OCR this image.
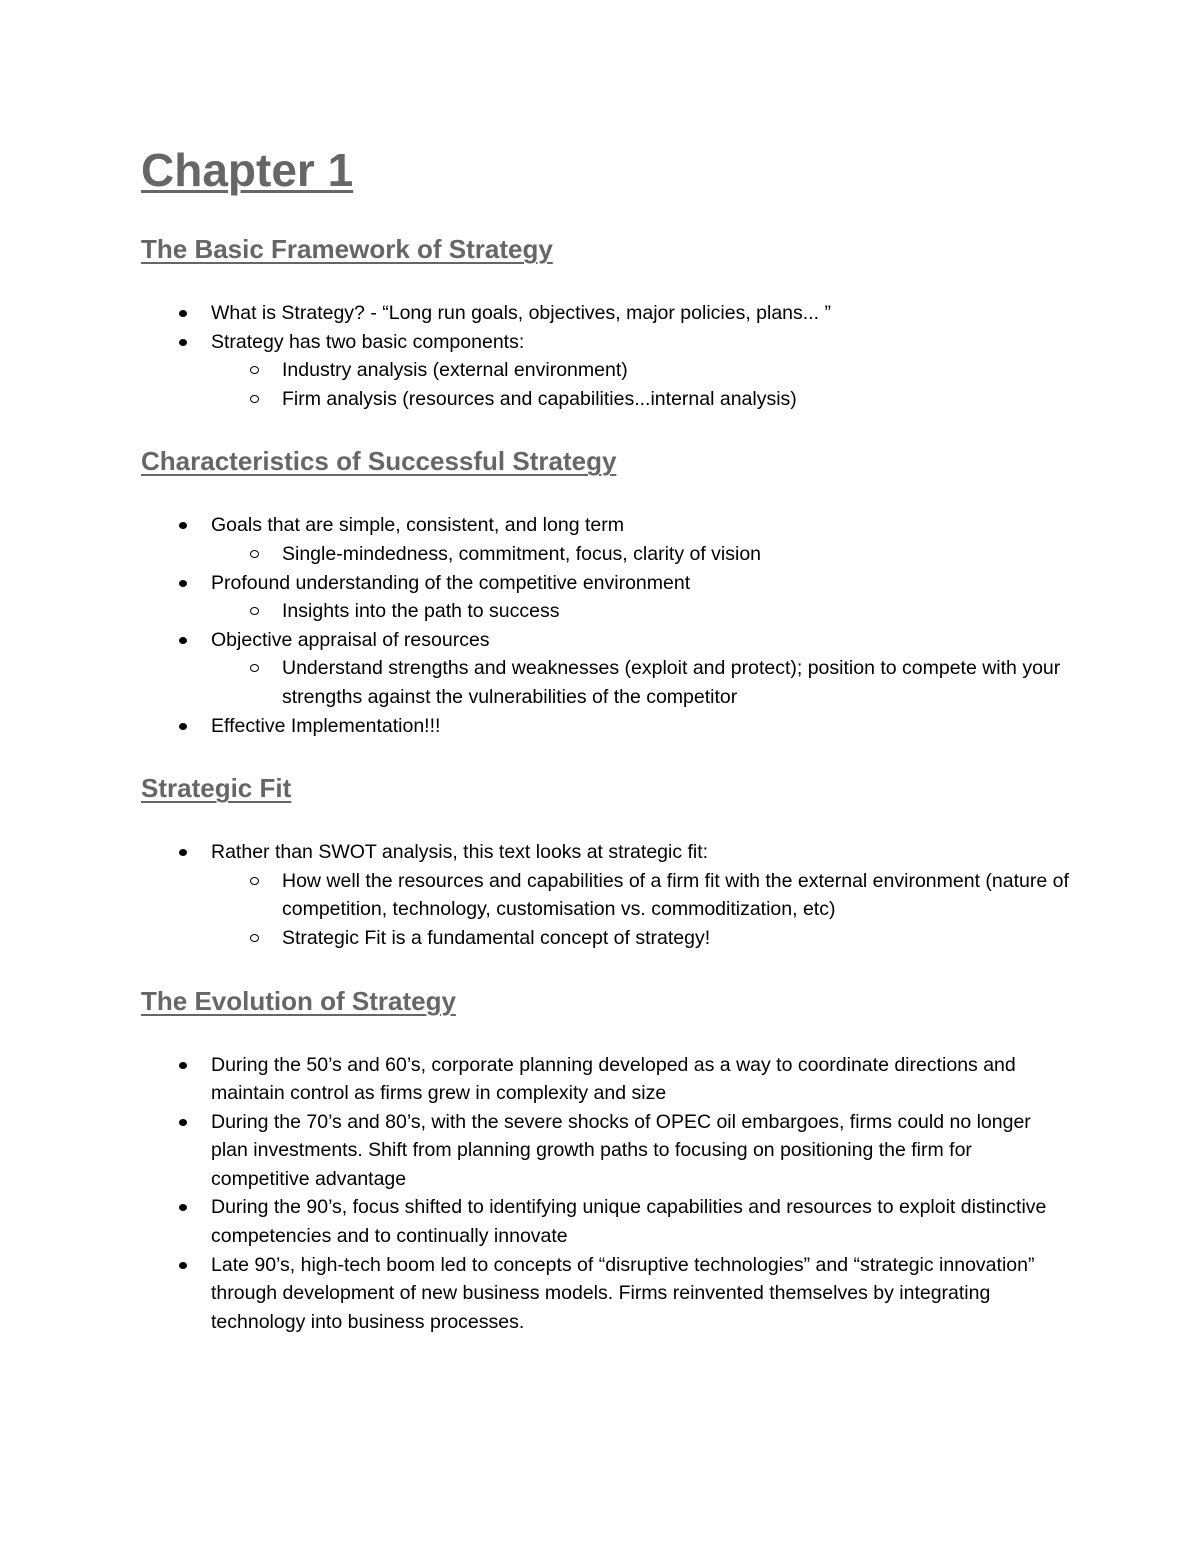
Chapter 1
The Basic Framework of Strategy
What is Strategy? - “Long run goals, objectives, major policies, plans... ”
Strategy has two basic components:
Industry analysis (external environment)
Firm analysis (resources and capabilities...internal analysis)
Characteristics of Successful Strategy
Goals that are simple, consistent, and long term
Single-mindedness, commitment, focus, clarity of vision
Profound understanding of the competitive environment
Insights into the path to success
Objective appraisal of resources
Understand strengths and weaknesses (exploit and protect); position to compete with your strengths against the vulnerabilities of the competitor
Effective Implementation!!!
Strategic Fit
Rather than SWOT analysis, this text looks at strategic fit:
How well the resources and capabilities of a firm fit with the external environment (nature of competition, technology, customisation vs. commoditization, etc)
Strategic Fit is a fundamental concept of strategy!
The Evolution of Strategy
During the 50’s and 60’s, corporate planning developed as a way to coordinate directions and maintain control as firms grew in complexity and size
During the 70’s and 80’s, with the severe shocks of OPEC oil embargoes, firms could no longer plan investments. Shift from planning growth paths to focusing on positioning the firm for competitive advantage
During the 90’s, focus shifted to identifying unique capabilities and resources to exploit distinctive competencies and to continually innovate
Late 90’s, high-tech boom led to concepts of “disruptive technologies” and “strategic innovation” through development of new business models. Firms reinvented themselves by integrating technology into business processes.
